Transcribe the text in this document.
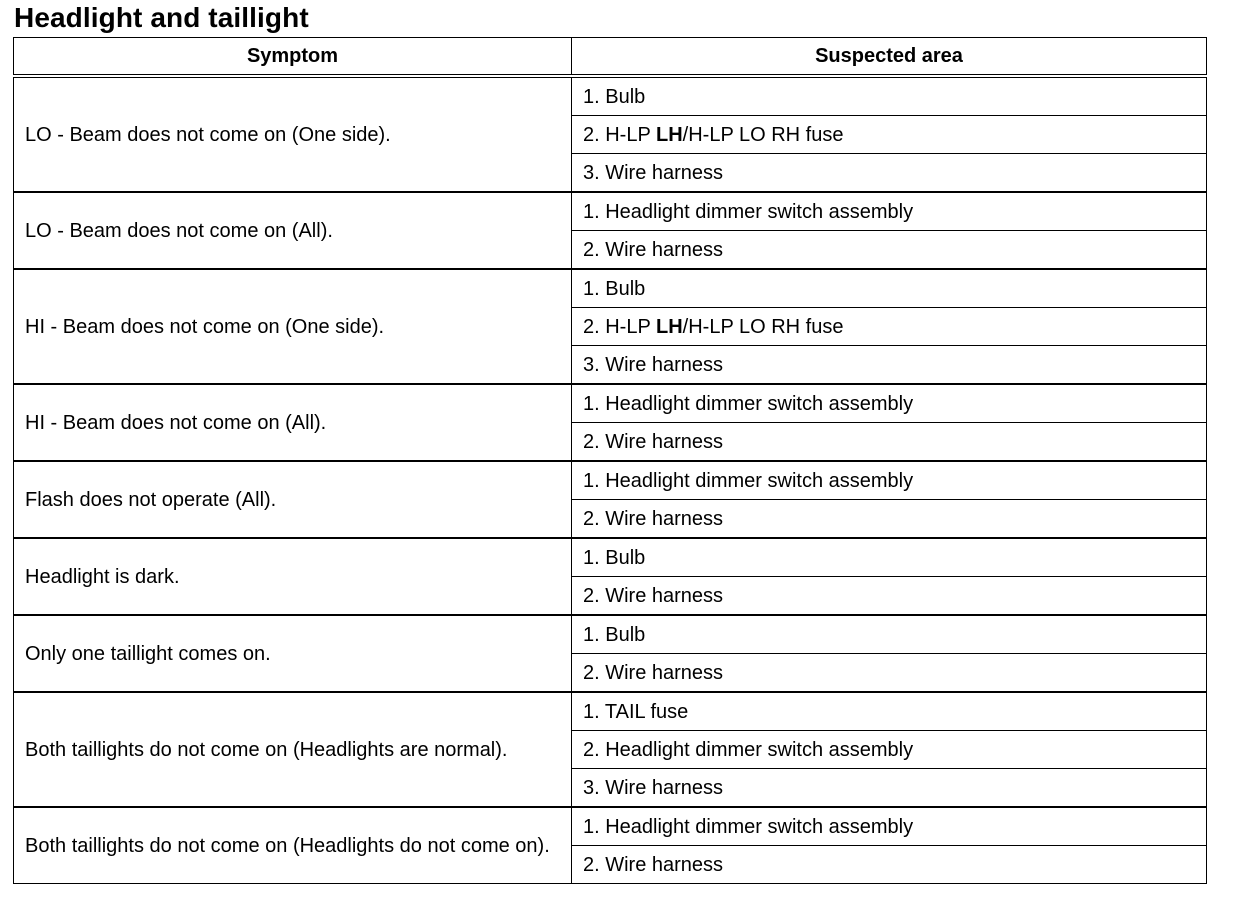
Headlight and taillight
Symptom	Suspected area
LO - Beam does not come on (One side).	1. Bulb
	2. H-LP LH/H-LP LO RH fuse
	3. Wire harness
LO - Beam does not come on (All).	1. Headlight dimmer switch assembly
	2. Wire harness
HI - Beam does not come on (One side).	1. Bulb
	2. H-LP LH/H-LP LO RH fuse
	3. Wire harness
HI - Beam does not come on (All).	1. Headlight dimmer switch assembly
	2. Wire harness
Flash does not operate (All).	1. Headlight dimmer switch assembly
	2. Wire harness
Headlight is dark.	1. Bulb
	2. Wire harness
Only one taillight comes on.	1. Bulb
	2. Wire harness
Both taillights do not come on (Headlights are normal).	1. TAIL fuse
	2. Headlight dimmer switch assembly
	3. Wire harness
Both taillights do not come on (Headlights do not come on).	1. Headlight dimmer switch assembly
	2. Wire harness
